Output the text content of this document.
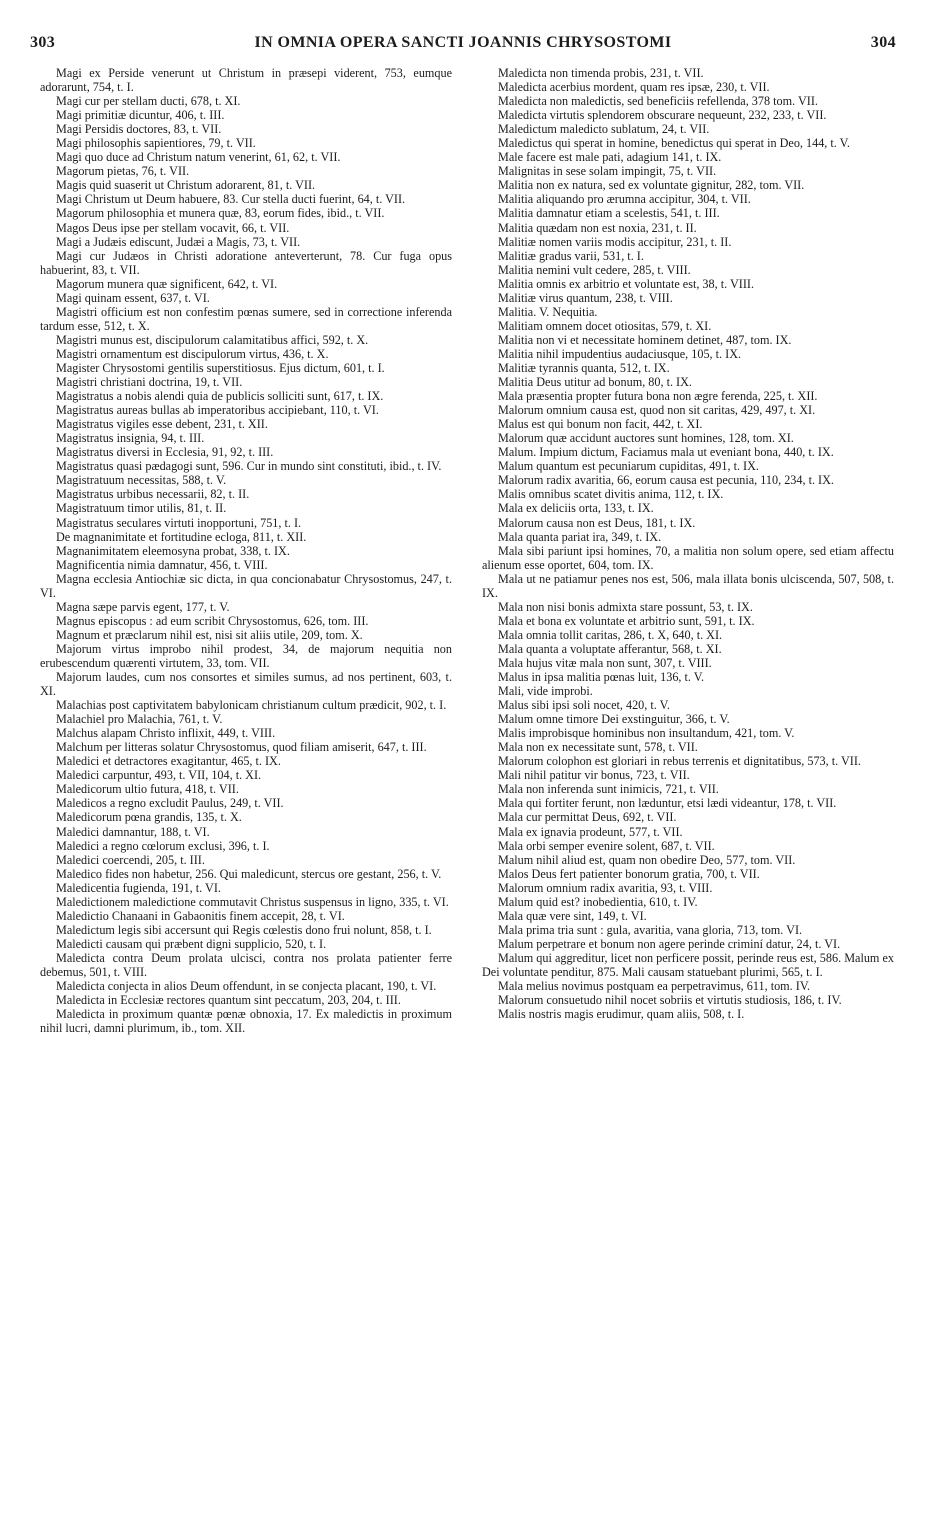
303	IN OMNIA OPERA SANCTI JOANNIS CHRYSOSTOMI	304

Magi ex Perside venerunt ut Christum in præsepi viderent, 753, eumque adorarunt, 754, t. I.

Magi cur per stellam ducti, 678, t. XI.

Magi primitiæ dicuntur, 406, t. III.

Magi Persidis doctores, 83, t. VII.

Magi philosophis sapientiores, 79, t. VII.

Magi quo duce ad Christum natum venerint, 61, 62, t. VII.

Magorum pietas, 76, t. VII.

Magis quid suaserit ut Christum adorarent, 81, t. VII.

Magi Christum ut Deum habuere, 83. Cur stella ducti fuerint, 64, t. VII.

Magorum philosophia et munera quæ, 83, eorum fides, ibid., t. VII.

Magos Deus ipse per stellam vocavit, 66, t. VII.

Magi a Judæis ediscunt, Judæi a Magis, 73, t. VII.

Magi cur Judæos in Christi adoratione anteverterunt, 78. Cur fuga opus habuerint, 83, t. VII.

Magorum munera quæ significent, 642, t. VI.

Magi quinam essent, 637, t. VI.

Magistri officium est non confestim pœnas sumere, sed in correctione inferenda tardum esse, 512, t. X.

Magistri munus est, discipulorum calamitatibus affici, 592, t. X.

Magistri ornamentum est discipulorum virtus, 436, t. X.

Magister Chrysostomi gentilis superstitiosus. Ejus dictum, 601, t. I.

Magistri christiani doctrina, 19, t. VII.

Magistratus a nobis alendi quia de publicis solliciti sunt, 617, t. IX.

Magistratus aureas bullas ab imperatoribus accipiebant, 110, t. VI.

Magistratus vigiles esse debent, 231, t. XII.

Magistratus insignia, 94, t. III.

Magistratus diversi in Ecclesia, 91, 92, t. III.

Magistratus quasi pædagogi sunt, 596. Cur in mundo sint constituti, ibid., t. IV.

Magistratuum necessitas, 588, t. V.

Magistratus urbibus necessarii, 82, t. II.

Magistratuum timor utilis, 81, t. II.

Magistratus seculares virtuti inopportuni, 751, t. I.

De magnanimitate et fortitudine ecloga, 811, t. XII.

Magnanimitatem eleemosyna probat, 338, t. IX.

Magnificentia nimia damnatur, 456, t. VIII.

Magna ecclesia Antiochiæ sic dicta, in qua concionabatur Chrysostomus, 247, t. VI.

Magna sæpe parvis egent, 177, t. V.

Magnus episcopus : ad eum scribit Chrysostomus, 626, tom. III.

Magnum et præclarum nihil est, nisi sit aliis utile, 209, tom. X.

Majorum virtus improbo nihil prodest, 34, de majorum nequitia non erubescendum quærenti virtutem, 33, tom. VII.

Majorum laudes, cum nos consortes et similes sumus, ad nos pertinent, 603, t. XI.

Malachias post captivitatem babylonicam christianum cultum prædicit, 902, t. I.

Malachiel pro Malachia, 761, t. V.

Malchus alapam Christo inflixit, 449, t. VIII.

Malchum per litteras solatur Chrysostomus, quod filiam amiserit, 647, t. III.

Maledici et detractores exagitantur, 465, t. IX.

Maledici carpuntur, 493, t. VII, 104, t. XI.

Maledicorum ultio futura, 418, t. VII.

Maledicos a regno excludit Paulus, 249, t. VII.

Maledicorum pœna grandis, 135, t. X.

Maledici damnantur, 188, t. VI.

Maledici a regno cœlorum exclusi, 396, t. I.

Maledici coercendi, 205, t. III.

Maledico fides non habetur, 256. Qui maledicunt, stercus ore gestant, 256, t. V.

Maledicentia fugienda, 191, t. VI.

Maledictionem maledictione commutavit Christus suspensus in ligno, 335, t. VI.

Maledictio Chanaani in Gabaonitis finem accepit, 28, t. VI.

Maledictum legis sibi accersunt qui Regis cœlestis dono frui nolunt, 858, t. I.

Maledicti causam qui præbent digni supplicio, 520, t. I.

Maledicta contra Deum prolata ulcisci, contra nos prolata patienter ferre debemus, 501, t. VIII.

Maledicta conjecta in alios Deum offendunt, in se conjecta placant, 190, t. VI.

Maledicta in Ecclesiæ rectores quantum sint peccatum, 203, 204, t. III.

Maledicta in proximum quantæ pœnæ obnoxia, 17. Ex maledictis in proximum nihil lucri, damni plurimum, ib., tom. XII.

Maledicta non timenda probis, 231, t. VII.

Maledicta acerbius mordent, quam res ipsæ, 230, t. VII.

Maledicta non maledictis, sed beneficiis refellenda, 378 tom. VII.

Maledicta virtutis splendorem obscurare nequeunt, 232, 233, t. VII.

Maledictum maledicto sublatum, 24, t. VII.

Maledictus qui sperat in homine, benedictus qui sperat in Deo, 144, t. V.

Male facere est male pati, adagium 141, t. IX.

Malignitas in sese solam impingit, 75, t. VII.

Malitia non ex natura, sed ex voluntate gignitur, 282, tom. VII.

Malitia aliquando pro ærumna accipitur, 304, t. VII.

Malitia damnatur etiam a scelestis, 541, t. III.

Malitia quædam non est noxia, 231, t. II.

Malitiæ nomen variis modis accipitur, 231, t. II.

Malitiæ gradus varii, 531, t. I.

Malitia nemini vult cedere, 285, t. VIII.

Malitia omnis ex arbitrio et voluntate est, 38, t. VIII.

Malitiæ virus quantum, 238, t. VIII.

Malitia. V. Nequitia.

Malitiam omnem docet otiositas, 579, t. XI.

Malitia non vi et necessitate hominem detinet, 487, tom. IX.

Malitia nihil impudentius audaciusque, 105, t. IX.

Malitiæ tyrannis quanta, 512, t. IX.

Malitia Deus utitur ad bonum, 80, t. IX.

Mala præsentia propter futura bona non ægre ferenda, 225, t. XII.

Malorum omnium causa est, quod non sit caritas, 429, 497, t. XI.

Malus est qui bonum non facit, 442, t. XI.

Malorum quæ accidunt auctores sunt homines, 128, tom. XI.

Malum. Impium dictum, Faciamus mala ut eveniant bona, 440, t. IX.

Malum quantum est pecuniarum cupiditas, 491, t. IX.

Malorum radix avaritia, 66, eorum causa est pecunia, 110, 234, t. IX.

Malis omnibus scatet divitis anima, 112, t. IX.

Mala ex deliciis orta, 133, t. IX.

Malorum causa non est Deus, 181, t. IX.

Mala quanta pariat ira, 349, t. IX.

Mala sibi pariunt ipsi homines, 70, a malitia non solum opere, sed etiam affectu alienum esse oportet, 604, tom. IX.

Mala ut ne patiamur penes nos est, 506, mala illata bonis ulciscenda, 507, 508, t. IX.

Mala non nisi bonis admixta stare possunt, 53, t. IX.

Mala et bona ex voluntate et arbitrio sunt, 591, t. IX.

Mala omnia tollit caritas, 286, t. X, 640, t. XI.

Mala quanta a voluptate afferantur, 568, t. XI.

Mala hujus vitæ mala non sunt, 307, t. VIII.

Malus in ipsa malitia pœnas luit, 136, t. V.

Mali, vide improbi.

Malus sibi ipsi soli nocet, 420, t. V.

Malum omne timore Dei exstinguitur, 366, t. V.

Malis improbisque hominibus non insultandum, 421, tom. V.

Mala non ex necessitate sunt, 578, t. VII.

Malorum colophon est gloriari in rebus terrenis et dignitatibus, 573, t. VII.

Mali nihil patitur vir bonus, 723, t. VII.

Mala non inferenda sunt inimicis, 721, t. VII.

Mala qui fortiter ferunt, non læduntur, etsi lædi videantur, 178, t. VII.

Mala cur permittat Deus, 692, t. VII.

Mala ex ignavia prodeunt, 577, t. VII.

Mala orbi semper evenire solent, 687, t. VII.

Malum nihil aliud est, quam non obedire Deo, 577, tom. VII.

Malos Deus fert patienter bonorum gratia, 700, t. VII.

Malorum omnium radix avaritia, 93, t. VIII.

Malum quid est? inobedientia, 610, t. IV.

Mala quæ vere sint, 149, t. VI.

Mala prima tria sunt : gula, avaritia, vana gloria, 713, tom. VI.

Malum perpetrare et bonum non agere perinde criminí datur, 24, t. VI.

Malum qui aggreditur, licet non perficere possit, perinde reus est, 586. Malum ex Dei voluntate penditur, 875. Mali causam statuebant plurimi, 565, t. I.

Mala melius novimus postquam ea perpetravimus, 611, tom. IV.

Malorum consuetudo nihil nocet sobriis et virtutis studiosis, 186, t. IV.

Malis nostris magis erudimur, quam aliis, 508, t. I.
